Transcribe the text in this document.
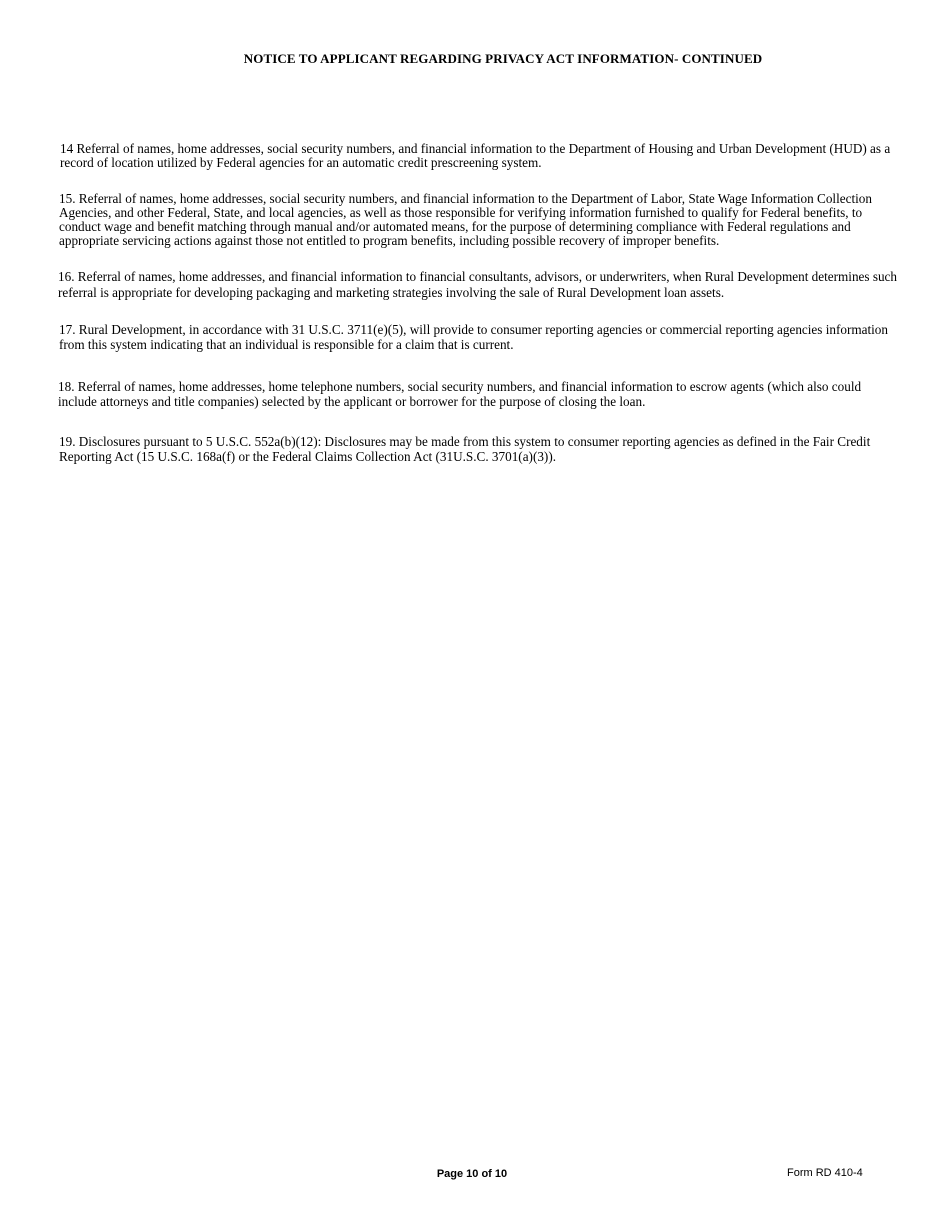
NOTICE TO APPLICANT REGARDING PRIVACY ACT INFORMATION- CONTINUED

14 Referral of names, home addresses, social security numbers, and financial information to the Department of Housing and Urban Development (HUD) as a record of location utilized by Federal agencies for an automatic credit prescreening system.

15. Referral of names, home addresses, social security numbers, and financial information to the Department of Labor, State Wage Information Collection Agencies, and other Federal, State, and local agencies, as well as those responsible for verifying information furnished to qualify for Federal benefits, to conduct wage and benefit matching through manual and/or automated means, for the purpose of determining compliance with Federal regulations and appropriate servicing actions against those not entitled to program benefits, including possible recovery of improper benefits.

16. Referral of names, home addresses, and financial information to financial consultants, advisors, or underwriters, when Rural Development determines such referral is appropriate for developing packaging and marketing strategies involving the sale of Rural Development loan assets.

17. Rural Development, in accordance with 31 U.S.C. 3711(e)(5), will provide to consumer reporting agencies or commercial reporting agencies information from this system indicating that an individual is responsible for a claim that is current.

18. Referral of names, home addresses, home telephone numbers, social security numbers, and financial information to escrow agents (which also could include attorneys and title companies) selected by the applicant or borrower for the purpose of closing the loan.

19. Disclosures pursuant to 5 U.S.C. 552a(b)(12): Disclosures may be made from this system to consumer reporting agencies as defined in the Fair Credit Reporting Act (15 U.S.C. 168a(f) or the Federal Claims Collection Act (31U.S.C. 3701(a)(3)).

Page 10 of 10	Form RD 410-4
